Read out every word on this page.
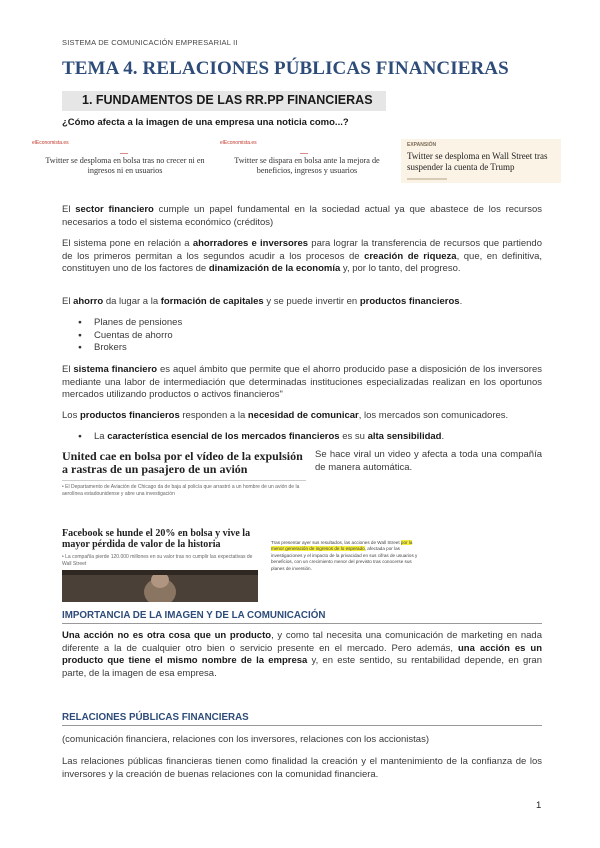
SISTEMA DE COMUNICACIÓN EMPRESARIAL II
TEMA 4. RELACIONES PÚBLICAS FINANCIERAS
1. FUNDAMENTOS DE LAS RR.PP FINANCIERAS
¿Cómo afecta a la imagen de una empresa una noticia como...?
elEconomista.es
Twitter se desploma en bolsa tras no crecer ni en ingresos ni en usuarios
elEconomista.es
Twitter se dispara en bolsa ante la mejora de beneficios, ingresos y usuarios
EXPANSIÓN
Twitter se desploma en Wall Street tras suspender la cuenta de Trump

El sector financiero cumple un papel fundamental en la sociedad actual ya que abastece de los recursos necesarios a todo el sistema económico (créditos)

El sistema pone en relación a ahorradores e inversores para lograr la transferencia de recursos que partiendo de los primeros permitan a los segundos acudir a los procesos de creación de riqueza, que, en definitiva, constituyen uno de los factores de dinamización de la economía y, por lo tanto, del progreso.

El ahorro da lugar a la formación de capitales y se puede invertir en productos financieros.

● Planes de pensiones
● Cuentas de ahorro
● Brokers

El sistema financiero es aquel ámbito que permite que el ahorro producido pase a disposición de los inversores mediante una labor de intermediación que determinadas instituciones especializadas realizan en los oportunos mercados utilizando productos o activos financieros"

Los productos financieros responden a la necesidad de comunicar, los mercados son comunicadores.

● La característica esencial de los mercados financieros es su alta sensibilidad.
United cae en bolsa por el vídeo de la expulsión a rastras de un pasajero de un avión
• El Departamento de Aviación de Chicago da de baja al policía que arrastró a un hombre de un avión de la aerolínea estadounidense y abre una investigación
Se hace viral un video y afecta a toda una compañía de manera automática.
Facebook se hunde el 20% en bolsa y vive la mayor pérdida de valor de la historia
• La compañía pierde 120.000 millones en su valor tras no cumplir las expectativas de Wall Street
Tras presentar ayer sus resultados, las acciones de Wall Street por la menor generación de ingresos de lo esperado, afectada por las investigaciones y el impacto de la privacidad en sus cifras de usuarios y beneficios, con un crecimiento menor del previsto tras conocerse sus planes de inversión.
IMPORTANCIA DE LA IMAGEN Y DE LA COMUNICACIÓN

Una acción no es otra cosa que un producto, y como tal necesita una comunicación de marketing en nada diferente a la de cualquier otro bien o servicio presente en el mercado. Pero además, una acción es un producto que tiene el mismo nombre de la empresa y, en este sentido, su rentabilidad depende, en gran parte, de la imagen de esa empresa.

RELACIONES PÚBLICAS FINANCIERAS

(comunicación financiera, relaciones con los inversores, relaciones con los accionistas)

Las relaciones públicas financieras tienen como finalidad la creación y el mantenimiento de la confianza de los inversores y la creación de buenas relaciones con la comunidad financiera.

1
